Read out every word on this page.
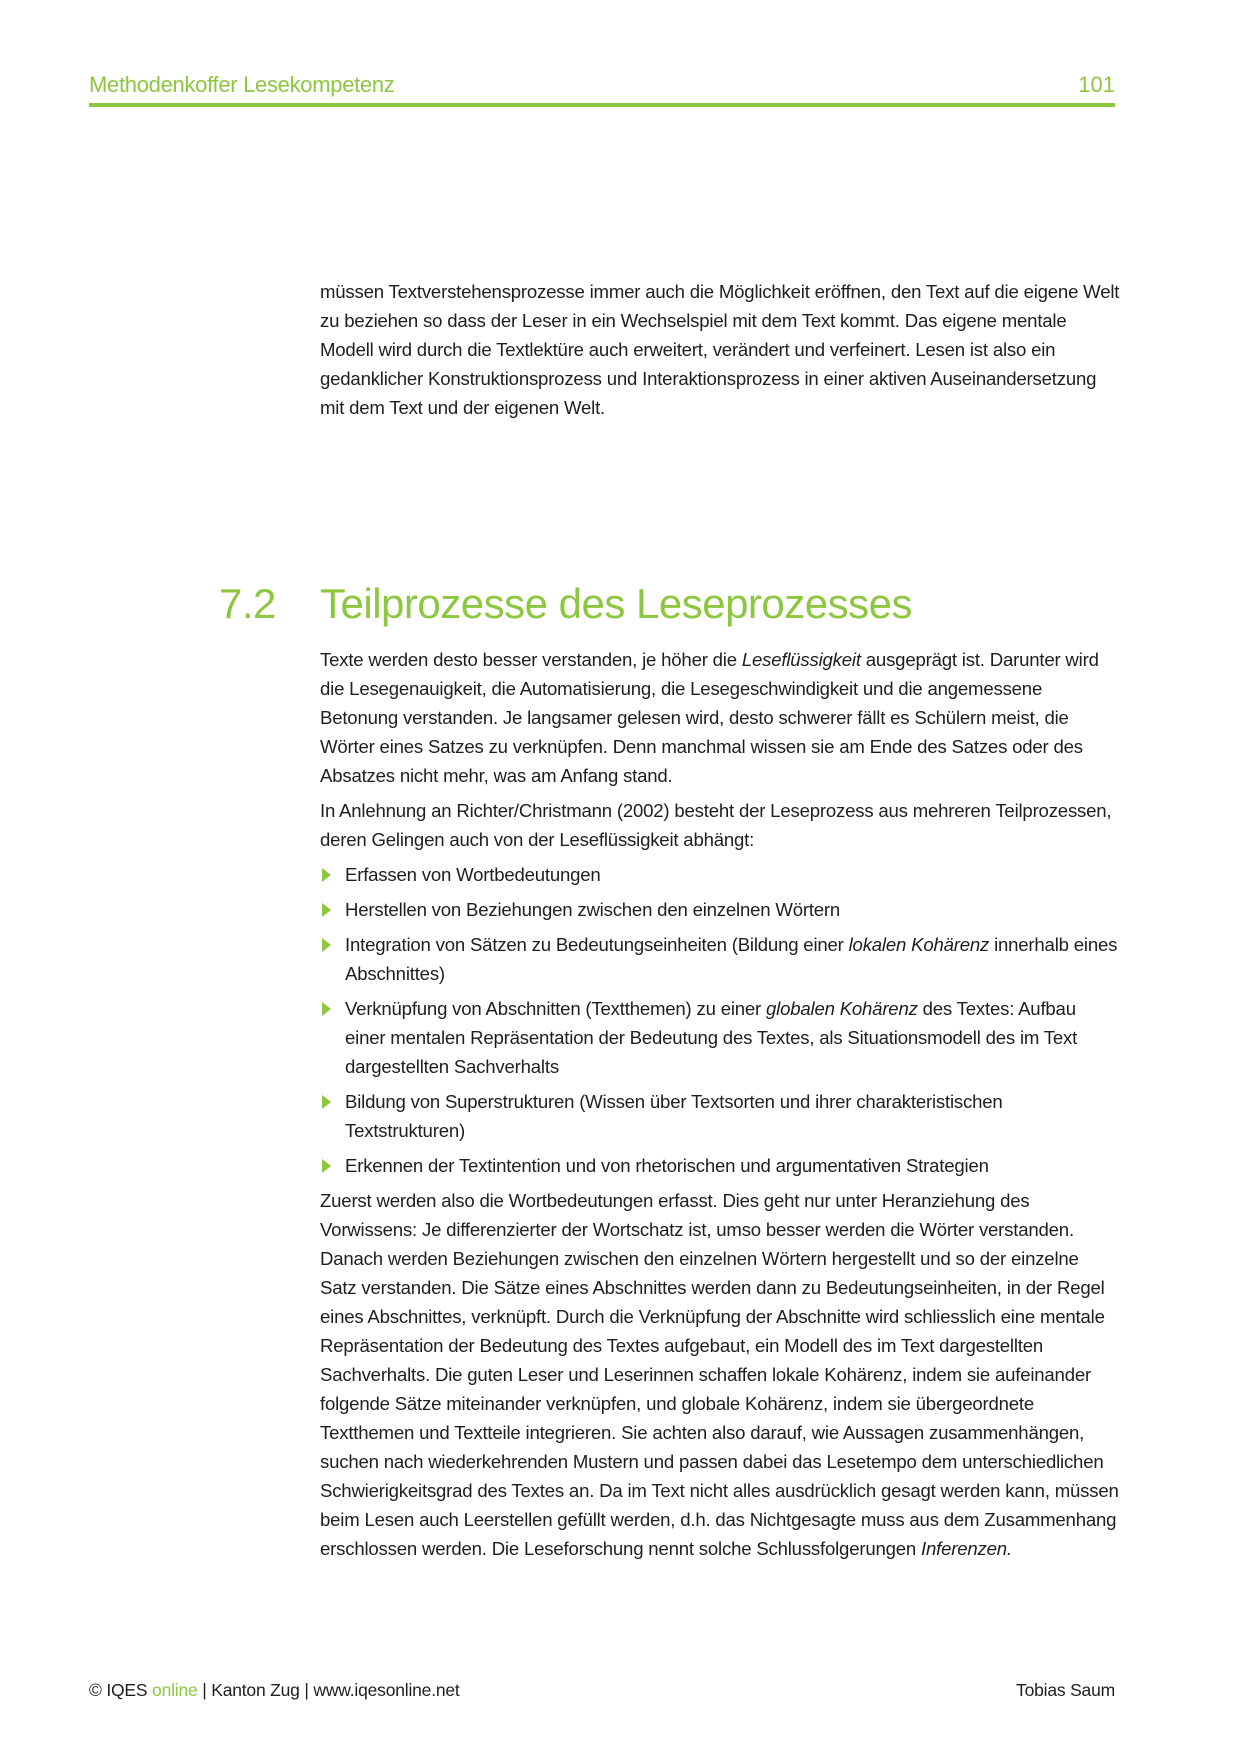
Methodenkoffer Lesekompetenz	101
müssen Textverstehensprozesse immer auch die Möglichkeit eröffnen, den Text auf die eigene Welt zu beziehen so dass der Leser in ein Wechselspiel mit dem Text kommt. Das eigene mentale Modell wird durch die Textlektüre auch erweitert, verändert und verfeinert. Lesen ist also ein gedanklicher Konstruktionsprozess und Interaktionsprozess in einer aktiven Auseinandersetzung mit dem Text und der eigenen Welt.
7.2 Teilprozesse des Leseprozesses

Texte werden desto besser verstanden, je höher die Leseflüssigkeit ausgeprägt ist. Darunter wird die Lesegenauigkeit, die Automatisierung, die Lesegeschwindigkeit und die angemessene Betonung verstanden. Je langsamer gelesen wird, desto schwerer fällt es Schülern meist, die Wörter eines Satzes zu verknüpfen. Denn manchmal wissen sie am Ende des Satzes oder des Absatzes nicht mehr, was am Anfang stand.

In Anlehnung an Richter/Christmann (2002) besteht der Leseprozess aus mehreren Teilprozessen, deren Gelingen auch von der Leseflüssigkeit abhängt:

Erfassen von Wortbedeutungen
Herstellen von Beziehungen zwischen den einzelnen Wörtern
Integration von Sätzen zu Bedeutungseinheiten (Bildung einer lokalen Kohärenz innerhalb eines Abschnittes)
Verknüpfung von Abschnitten (Textthemen) zu einer globalen Kohärenz des Textes: Aufbau einer mentalen Repräsentation der Bedeutung des Textes, als Situationsmodell des im Text dargestellten Sachverhalts
Bildung von Superstrukturen (Wissen über Textsorten und ihrer charakteristischen Textstrukturen)
Erkennen der Textintention und von rhetorischen und argumentativen Strategien

Zuerst werden also die Wortbedeutungen erfasst. Dies geht nur unter Heranziehung des Vorwissens: Je differenzierter der Wortschatz ist, umso besser werden die Wörter verstanden. Danach werden Beziehungen zwischen den einzelnen Wörtern hergestellt und so der einzelne Satz verstanden. Die Sätze eines Abschnittes werden dann zu Bedeutungseinheiten, in der Regel eines Abschnittes, verknüpft. Durch die Verknüpfung der Abschnitte wird schliesslich eine mentale Repräsentation der Bedeutung des Textes aufgebaut, ein Modell des im Text dargestellten Sachverhalts. Die guten Leser und Leserinnen schaffen lokale Kohärenz, indem sie aufeinander folgende Sätze miteinander verknüpfen, und globale Kohärenz, indem sie übergeordnete Textthemen und Textteile integrieren. Sie achten also darauf, wie Aussagen zusammenhängen, suchen nach wiederkehrenden Mustern und passen dabei das Lesetempo dem unterschiedlichen Schwierigkeitsgrad des Textes an. Da im Text nicht alles ausdrücklich gesagt werden kann, müssen beim Lesen auch Leerstellen gefüllt werden, d.h. das Nichtgesagte muss aus dem Zusammenhang erschlossen werden. Die Leseforschung nennt solche Schlussfolgerungen Inferenzen.

© IQES online | Kanton Zug | www.iqesonline.net	Tobias Saum
